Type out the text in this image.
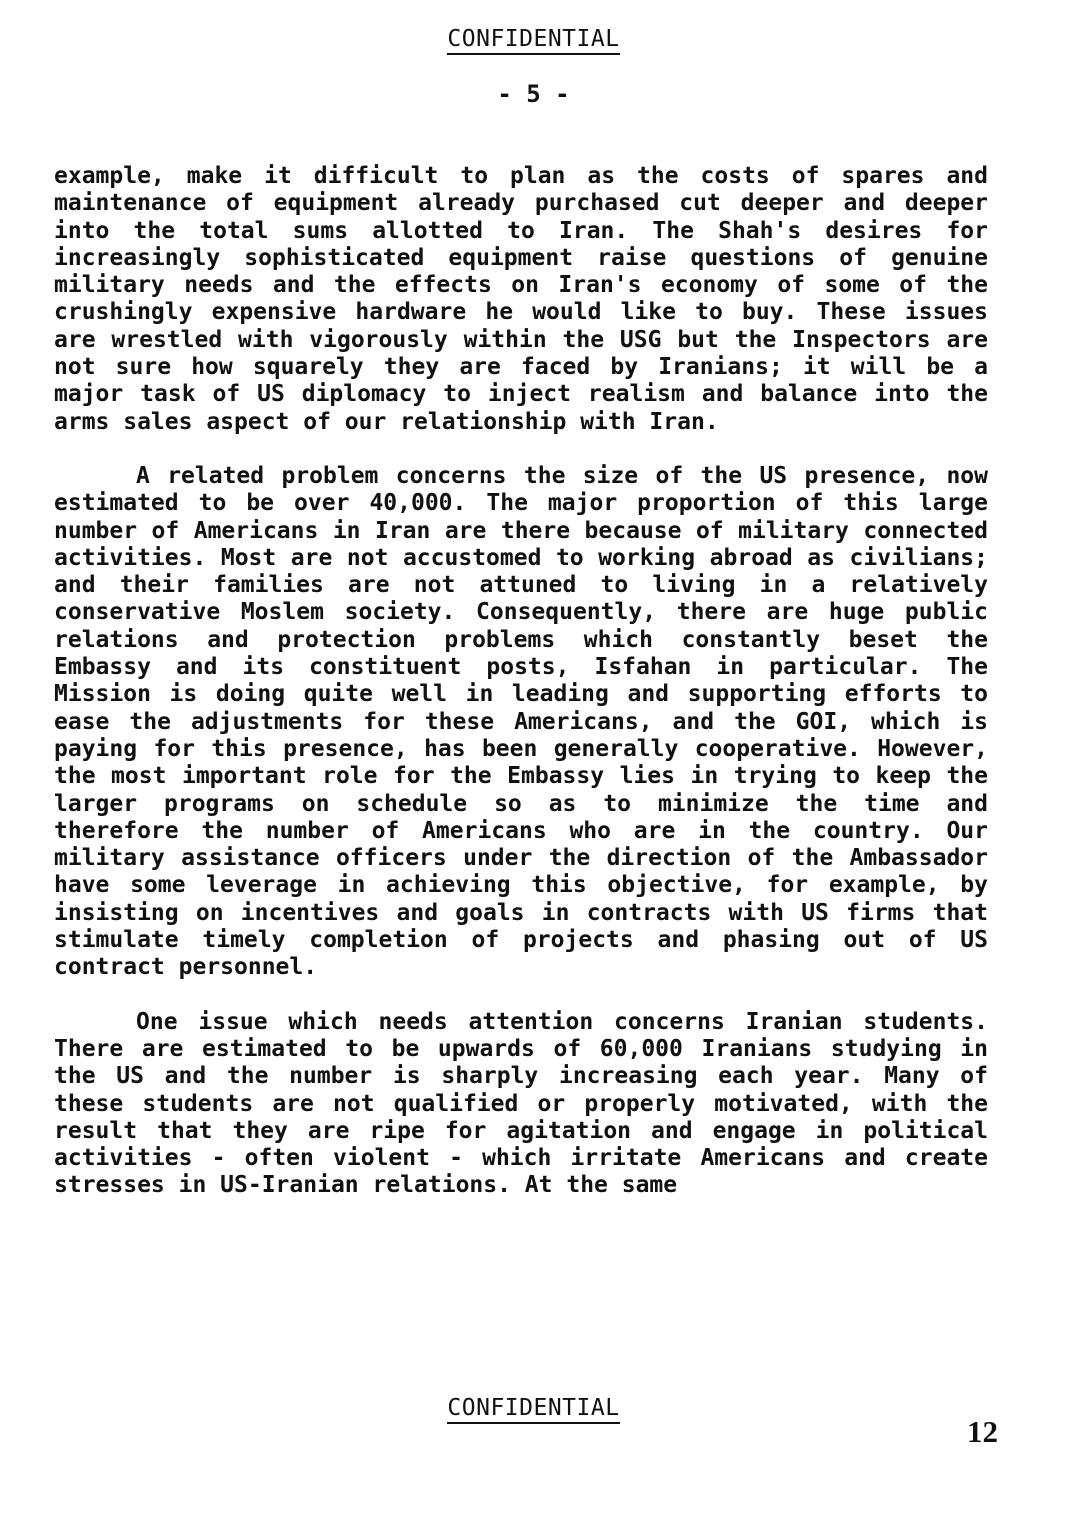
CONFIDENTIAL
- 5 -

example, make it difficult to plan as the costs of spares and maintenance of equipment already purchased cut deeper and deeper into the total sums allotted to Iran. The Shah's desires for increasingly sophisticated equipment raise questions of genuine military needs and the effects on Iran's economy of some of the crushingly expensive hardware he would like to buy. These issues are wrestled with vigorously within the USG but the Inspectors are not sure how squarely they are faced by Iranians; it will be a major task of US diplomacy to inject realism and balance into the arms sales aspect of our relationship with Iran.

A related problem concerns the size of the US presence, now estimated to be over 40,000. The major proportion of this large number of Americans in Iran are there because of military connected activities. Most are not accustomed to working abroad as civilians; and their families are not attuned to living in a relatively conservative Moslem society. Consequently, there are huge public relations and protection problems which constantly beset the Embassy and its constituent posts, Isfahan in particular. The Mission is doing quite well in leading and supporting efforts to ease the adjustments for these Americans, and the GOI, which is paying for this presence, has been generally cooperative. However, the most important role for the Embassy lies in trying to keep the larger programs on schedule so as to minimize the time and therefore the number of Americans who are in the country. Our military assistance officers under the direction of the Ambassador have some leverage in achieving this objective, for example, by insisting on incentives and goals in contracts with US firms that stimulate timely completion of projects and phasing out of US contract personnel.

One issue which needs attention concerns Iranian students. There are estimated to be upwards of 60,000 Iranians studying in the US and the number is sharply increasing each year. Many of these students are not qualified or properly motivated, with the result that they are ripe for agitation and engage in political activities - often violent - which irritate Americans and create stresses in US-Iranian relations. At the same

CONFIDENTIAL
12
